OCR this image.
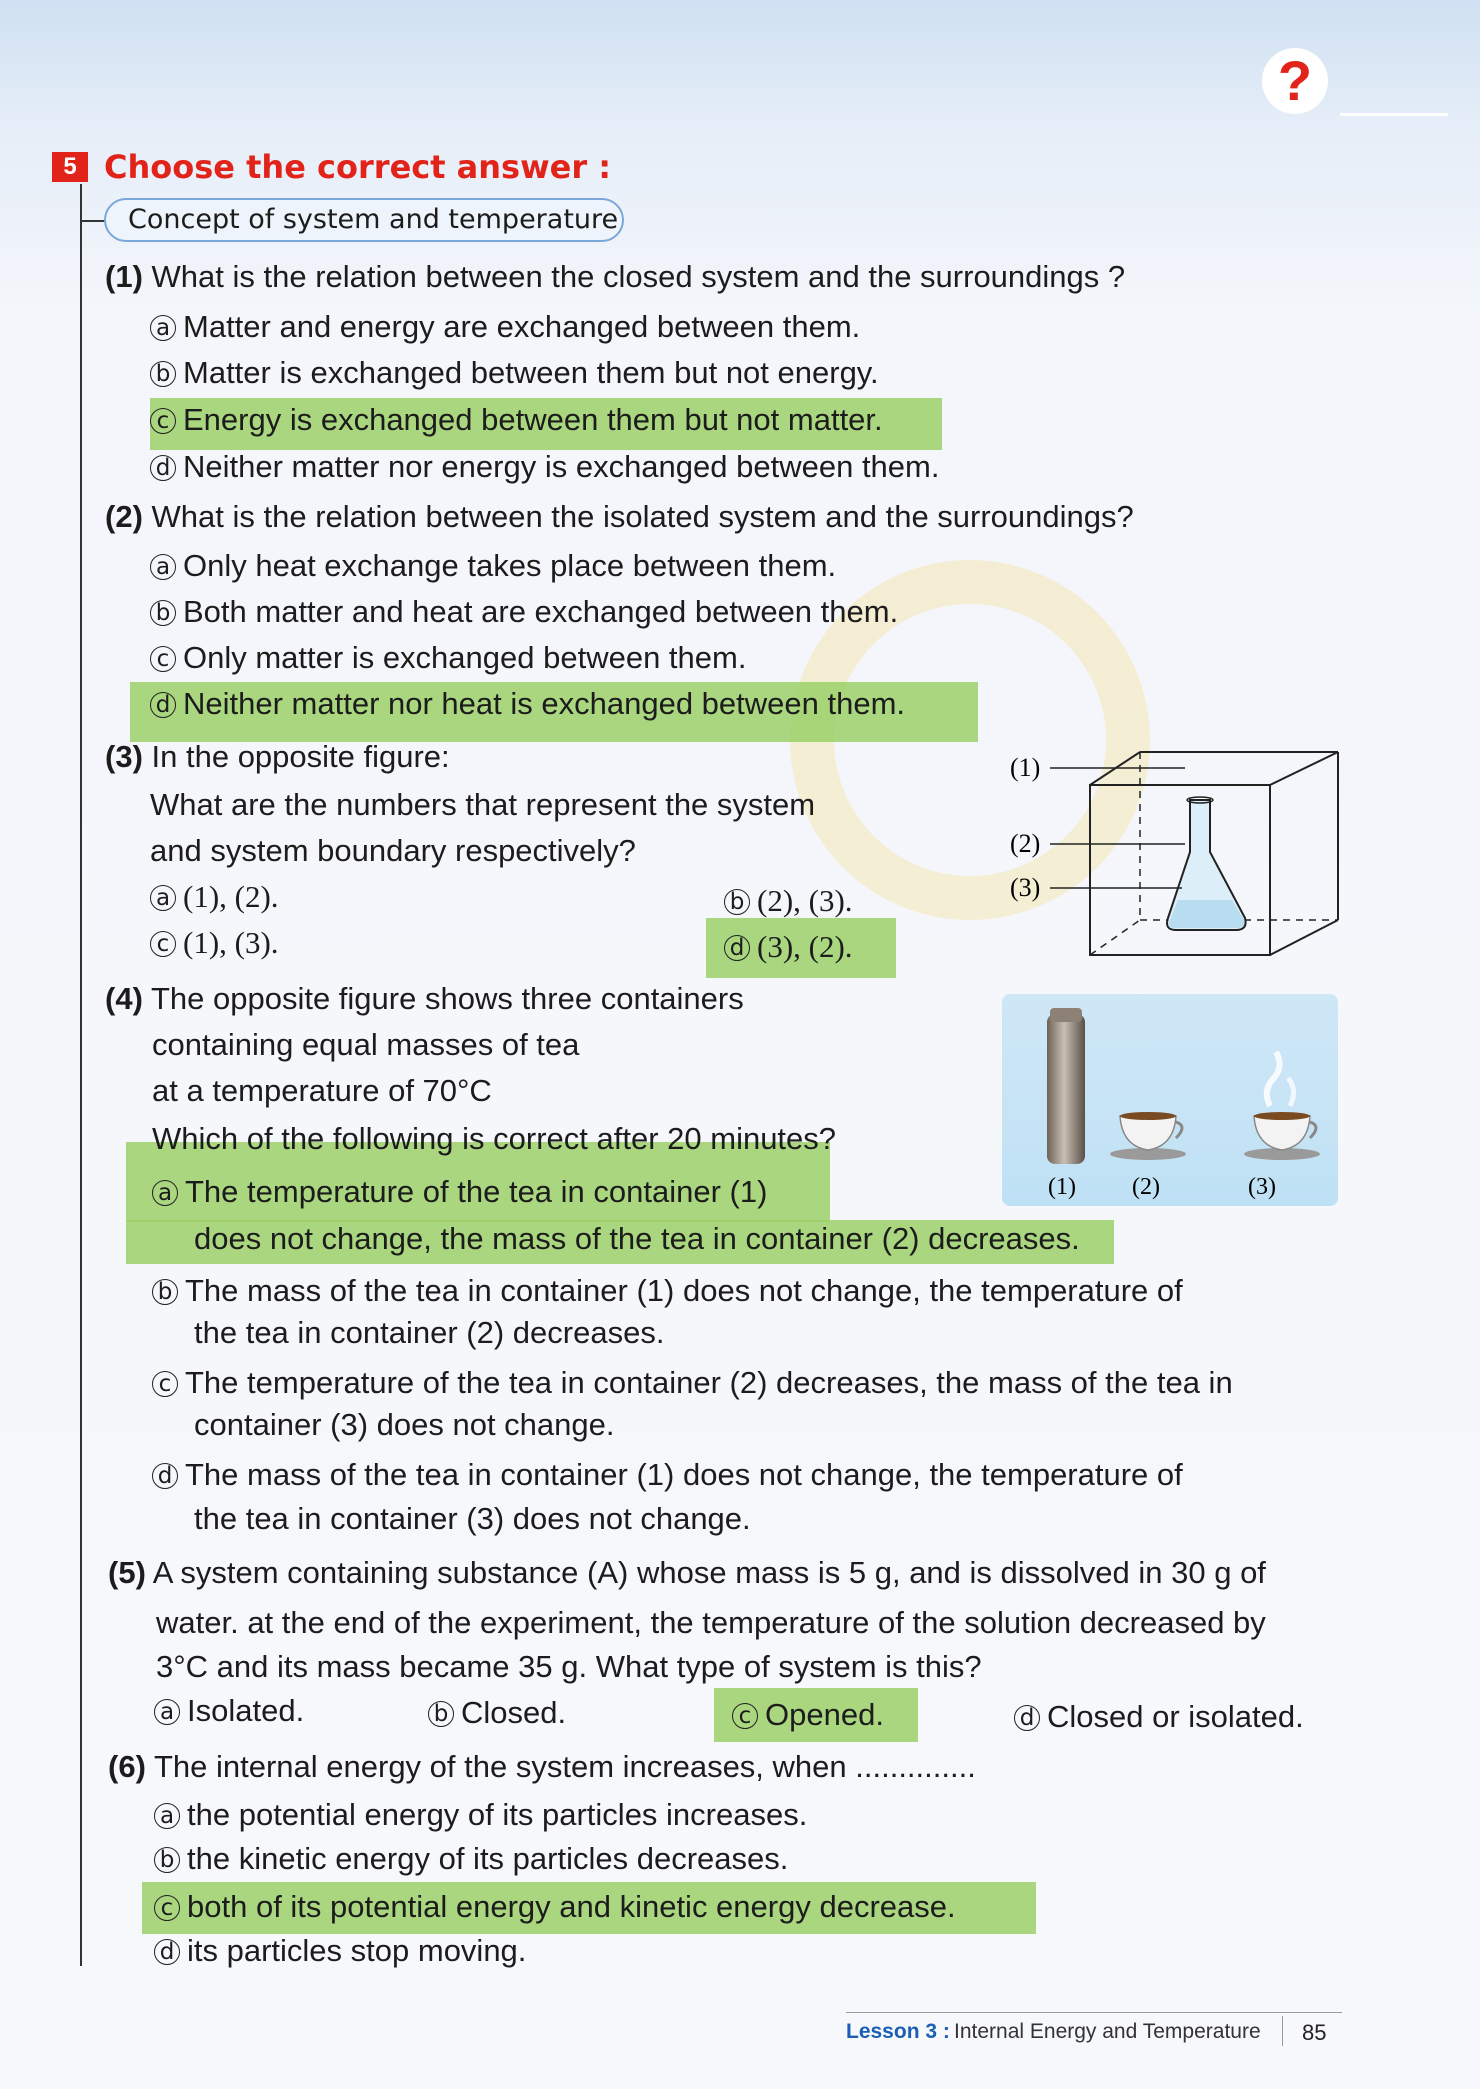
?
5 Choose the correct answer :
Concept of system and temperature
(1) What is the relation between the closed system and the surroundings ?
a Matter and energy are exchanged between them.
b Matter is exchanged between them but not energy.
c Energy is exchanged between them but not matter.
d Neither matter nor energy is exchanged between them.
(2) What is the relation between the isolated system and the surroundings?
a Only heat exchange takes place between them.
b Both matter and heat are exchanged between them.
c Only matter is exchanged between them.
d Neither matter nor heat is exchanged between them.
(3) In the opposite figure:
What are the numbers that represent the system
and system boundary respectively?
a (1), (2).	b (2), (3).
c (1), (3).	d (3), (2).
(1)
(2)
(3)
(4) The opposite figure shows three containers
containing equal masses of tea
at a temperature of 70°C
Which of the following is correct after 20 minutes?
a The temperature of the tea in container (1)
does not change, the mass of the tea in container (2) decreases.
b The mass of the tea in container (1) does not change, the temperature of
the tea in container (2) decreases.
c The temperature of the tea in container (2) decreases, the mass of the tea in
container (3) does not change.
d The mass of the tea in container (1) does not change, the temperature of
the tea in container (3) does not change.
(1) (2)	(3)
(5) A system containing substance (A) whose mass is 5 g, and is dissolved in 30 g of
water. at the end of the experiment, the temperature of the solution decreased by
3°C and its mass became 35 g. What type of system is this?
a Isolated.	b Closed.	c Opened.	d Closed or isolated.
(6) The internal energy of the system increases, when ..............
a the potential energy of its particles increases.
b the kinetic energy of its particles decreases.
c both of its potential energy and kinetic energy decrease.
d its particles stop moving.
Lesson 3 : Internal Energy and Temperature 85
